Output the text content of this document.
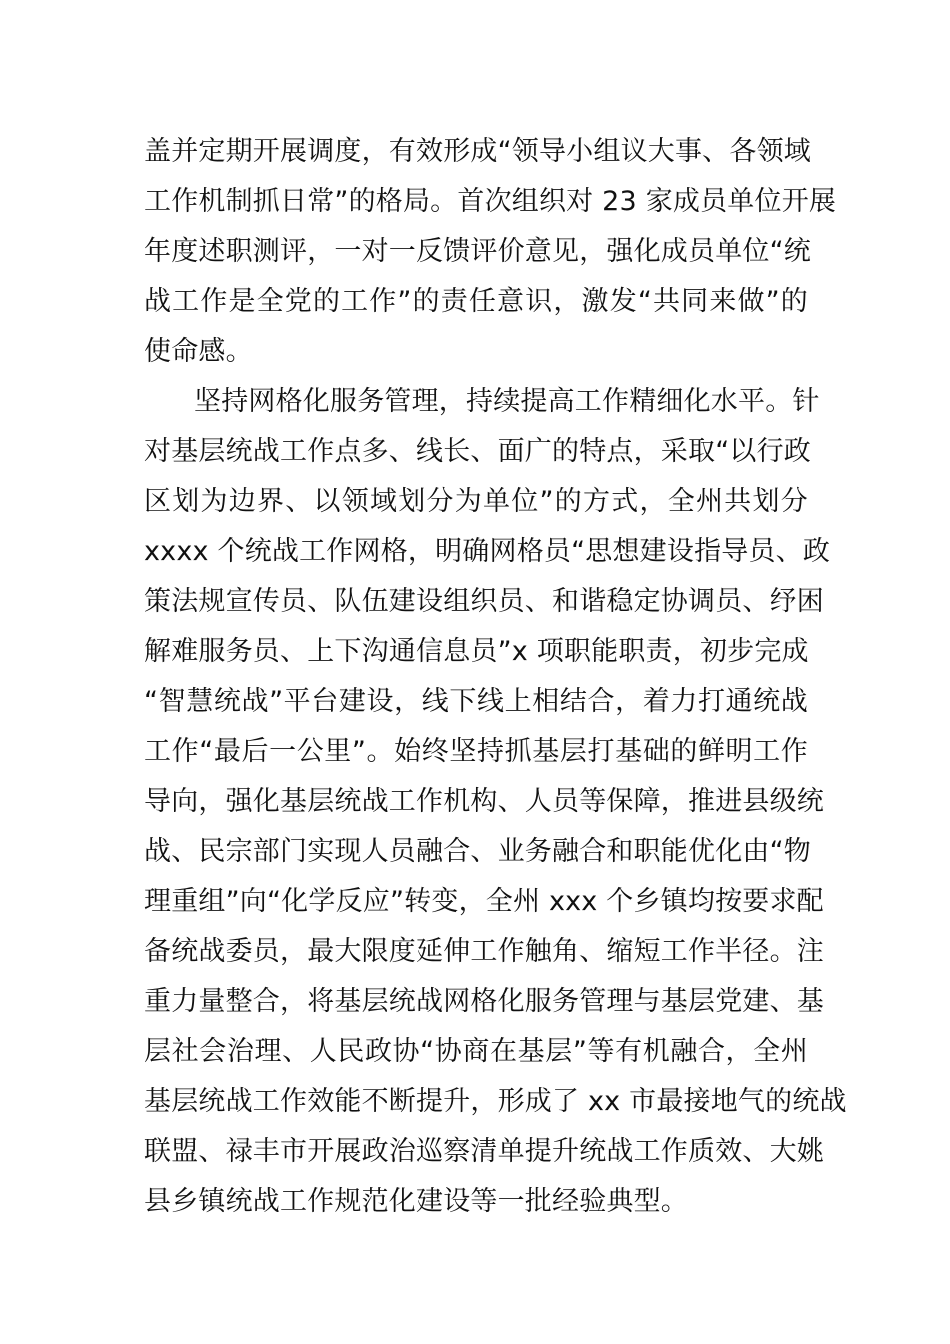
盖并定期开展调度，有效形成“领导小组议大事、各领域
工作机制抓日常”的格局。首次组织对 23 家成员单位开展
年度述职测评，一对一反馈评价意见，强化成员单位“统
战工作是全党的工作”的责任意识，激发“共同来做”的
使命感。
坚持网格化服务管理，持续提高工作精细化水平。针
对基层统战工作点多、线长、面广的特点，采取“以行政
区划为边界、以领域划分为单位”的方式，全州共划分
xxxx 个统战工作网格，明确网格员“思想建设指导员、政
策法规宣传员、队伍建设组织员、和谐稳定协调员、纾困
解难服务员、上下沟通信息员”x 项职能职责，初步完成
“智慧统战”平台建设，线下线上相结合，着力打通统战
工作“最后一公里”。始终坚持抓基层打基础的鲜明工作
导向，强化基层统战工作机构、人员等保障，推进县级统
战、民宗部门实现人员融合、业务融合和职能优化由“物
理重组”向“化学反应”转变，全州 xxx 个乡镇均按要求配
备统战委员，最大限度延伸工作触角、缩短工作半径。注
重力量整合，将基层统战网格化服务管理与基层党建、基
层社会治理、人民政协“协商在基层”等有机融合，全州
基层统战工作效能不断提升，形成了 xx 市最接地气的统战
联盟、禄丰市开展政治巡察清单提升统战工作质效、大姚
县乡镇统战工作规范化建设等一批经验典型。
